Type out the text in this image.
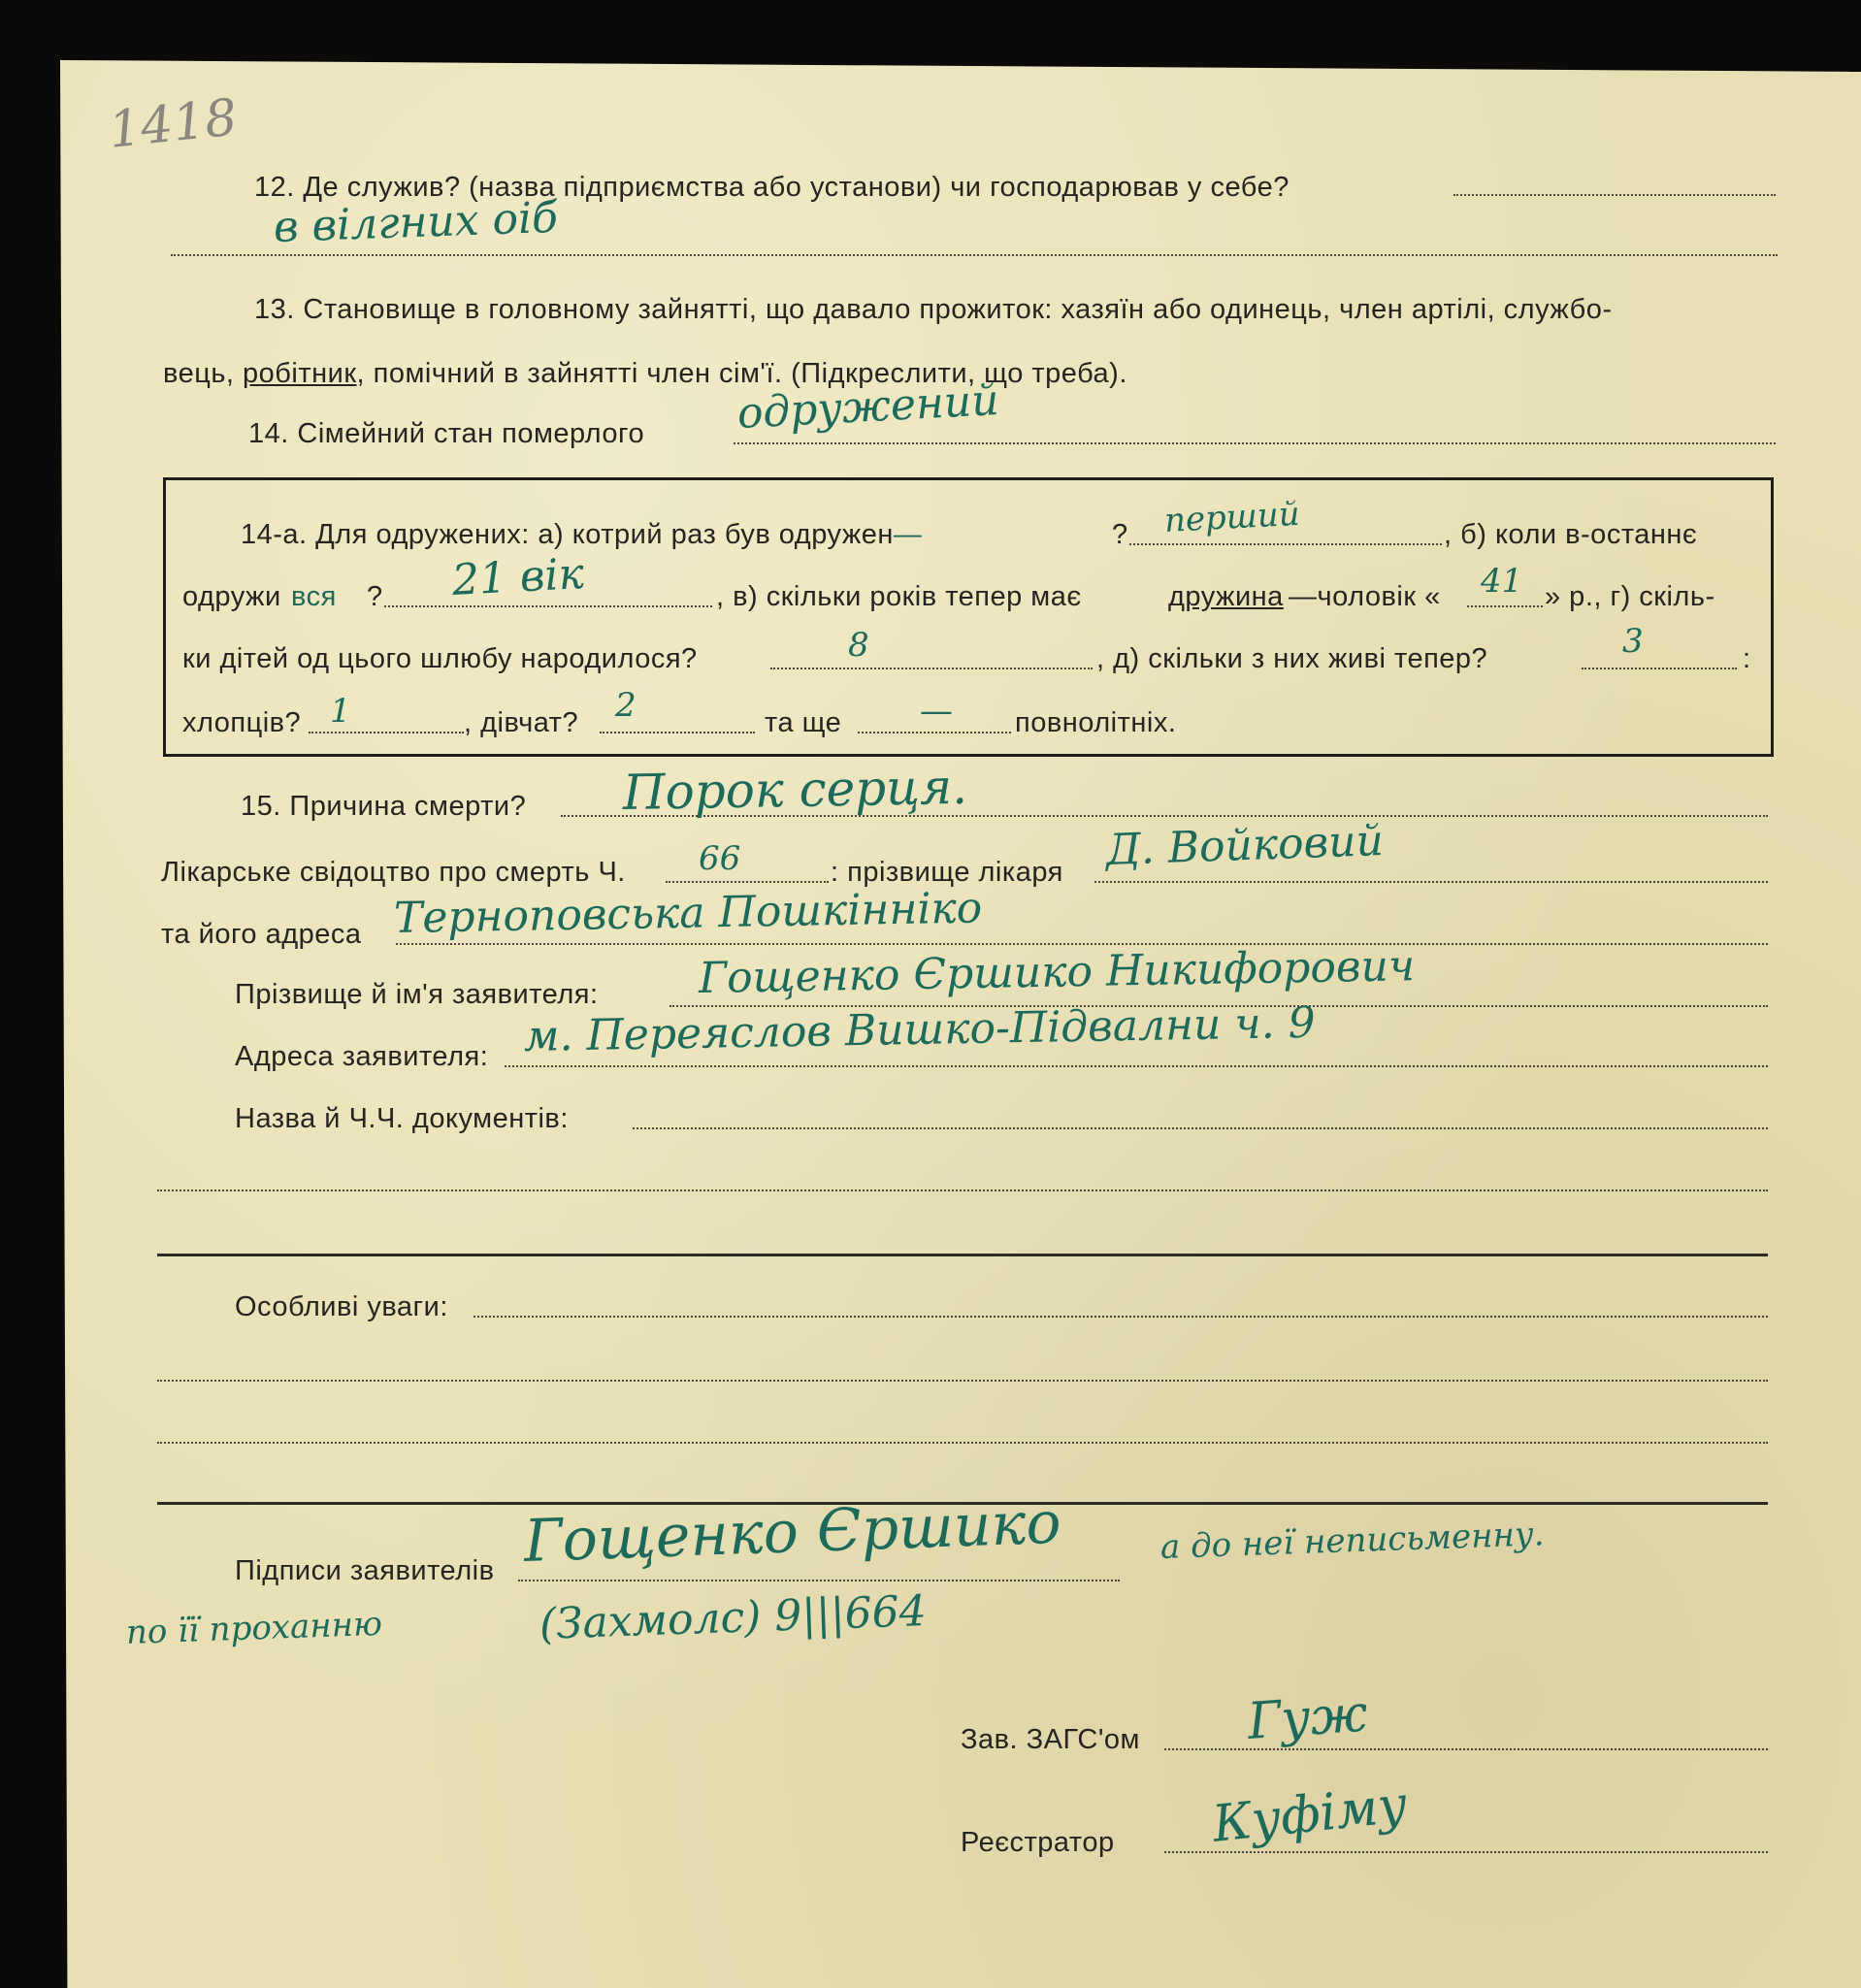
1418
12. Де служив? (назва підприємства або установи) чи господарював у себе?
в вілгних оіб
13. Становище в головному зайнятті, що давало прожиток: хазяїн або одинець, член артілі, службо-
вець, робітник, помічний в зайнятті член сім'ї. (Підкреслити, що треба).
14. Сімейний стан померлого одружений
14-а. Для одружених: а) котрий раз був одружен—	? перший	, б) коли в-останнє
одружи вся ? 21 вік	, в) скільки років тепер має	дружина —чоловік « 41 » р., г) скіль-
ки дітей од цього шлюбу народилося?	8	, д) скільки з них живі тепер?	3	:
хлопців? 1	, дівчат? 2	та ще — повнолітніх.
15. Причина смерти? Порок серця.
Лікарське свідоцтво про смерть Ч. 66	: прізвище лікаря Д. Войковий
та його адреса Терноповська Пошкінніко
Прізвище й ім'я заявителя: Гощенко Єршико Никифорович
Адреса заявителя: м. Переяслов Вишко-Підвални ч. 9
Назва й Ч.Ч. документів:
Особливі уваги:
Підписи заявителів Гощенко Єршико	а до неї неписьменну.
по її проханню	(Захмолс) 9|||664
Зав. ЗАГС'ом Гуж
Реєстратор Куфіму
